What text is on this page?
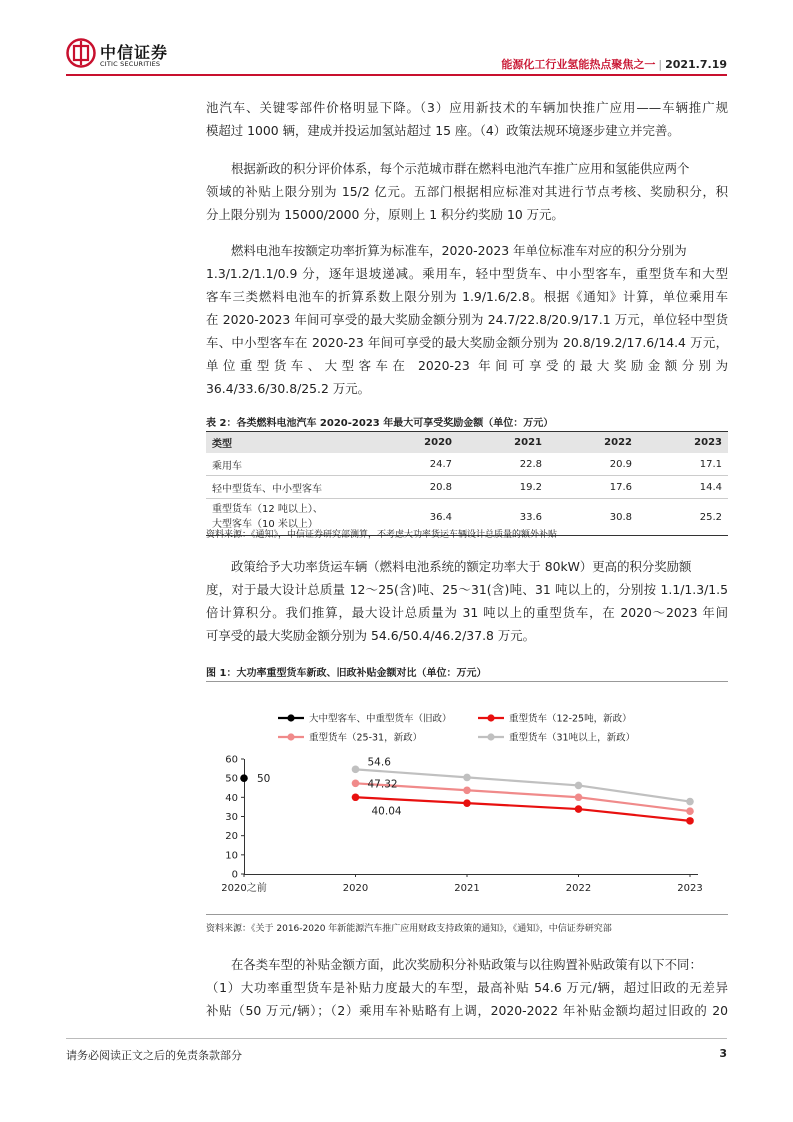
中信证券
CITIC SECURITIES	能源化工行业氢能热点聚焦之一 | 2021.7.19
池汽车、关键零部件价格明显下降。（3）应用新技术的车辆加快推广应用——车辆推广规
模超过 1000 辆，建成并投运加氢站超过 15 座。（4）政策法规环境逐步建立并完善。
根据新政的积分评价体系，每个示范城市群在燃料电池汽车推广应用和氢能供应两个
领域的补贴上限分别为 15/2 亿元。五部门根据相应标准对其进行节点考核、奖励积分，积
分上限分别为 15000/2000 分，原则上 1 积分约奖励 10 万元。
燃料电池车按额定功率折算为标准车，2020-2023 年单位标准车对应的积分分别为
1.3/1.2/1.1/0.9 分，逐年退坡递减。乘用车，轻中型货车、中小型客车，重型货车和大型
客车三类燃料电池车的折算系数上限分别为 1.9/1.6/2.8。根据《通知》计算，单位乘用车
在 2020-2023 年间可享受的最大奖励金额分别为 24.7/22.8/20.9/17.1 万元，单位轻中型货
车、中小型客车在 2020-23 年间可享受的最大奖励金额分别为 20.8/19.2/17.6/14.4 万元，
单位重型货车、大型客车在 2020-23 年间可享受的最大奖励金额分别为
36.4/33.6/30.8/25.2 万元。
表 2：各类燃料电池汽车 2020-2023 年最大可享受奖励金额（单位：万元）
类型	2020	2021	2022	2023
乘用车	24.7	22.8	20.9	17.1
轻中型货车、中小型客车	20.8	19.2	17.6	14.4
重型货车（12 吨以上）、
大型客车（10 米以上）	36.4	33.6	30.8	25.2
资料来源：《通知》，中信证券研究部测算，不考虑大功率货运车辆设计总质量的额外补贴
政策给予大功率货运车辆（燃料电池系统的额定功率大于 80kW）更高的积分奖励额
度，对于最大设计总质量 12～25(含)吨、25～31(含)吨、31 吨以上的，分别按 1.1/1.3/1.5
倍计算积分。我们推算，最大设计总质量为 31 吨以上的重型货车，在 2020～2023 年间
可享受的最大奖励金额分别为 54.6/50.4/46.2/37.8 万元。
图 1：大功率重型货车新政、旧政补贴金额对比（单位：万元）
大中型客车、中重型货车（旧政）	重型货车（12-25吨，新政）
重型货车（25-31，新政）	重型货车（31吨以上，新政）
0
10
20
30
40
50
60
2020之前	2020	2021	2022	2023
50
54.6
47.32
40.04
资料来源：《关于 2016-2020 年新能源汽车推广应用财政支持政策的通知》，《通知》，中信证券研究部
在各类车型的补贴金额方面，此次奖励积分补贴政策与以往购置补贴政策有以下不同：
（1）大功率重型货车是补贴力度最大的车型，最高补贴 54.6 万元/辆，超过旧政的无差异
补贴（50 万元/辆）；（2）乘用车补贴略有上调，2020-2022 年补贴金额均超过旧政的 20
请务必阅读正文之后的免责条款部分	3
